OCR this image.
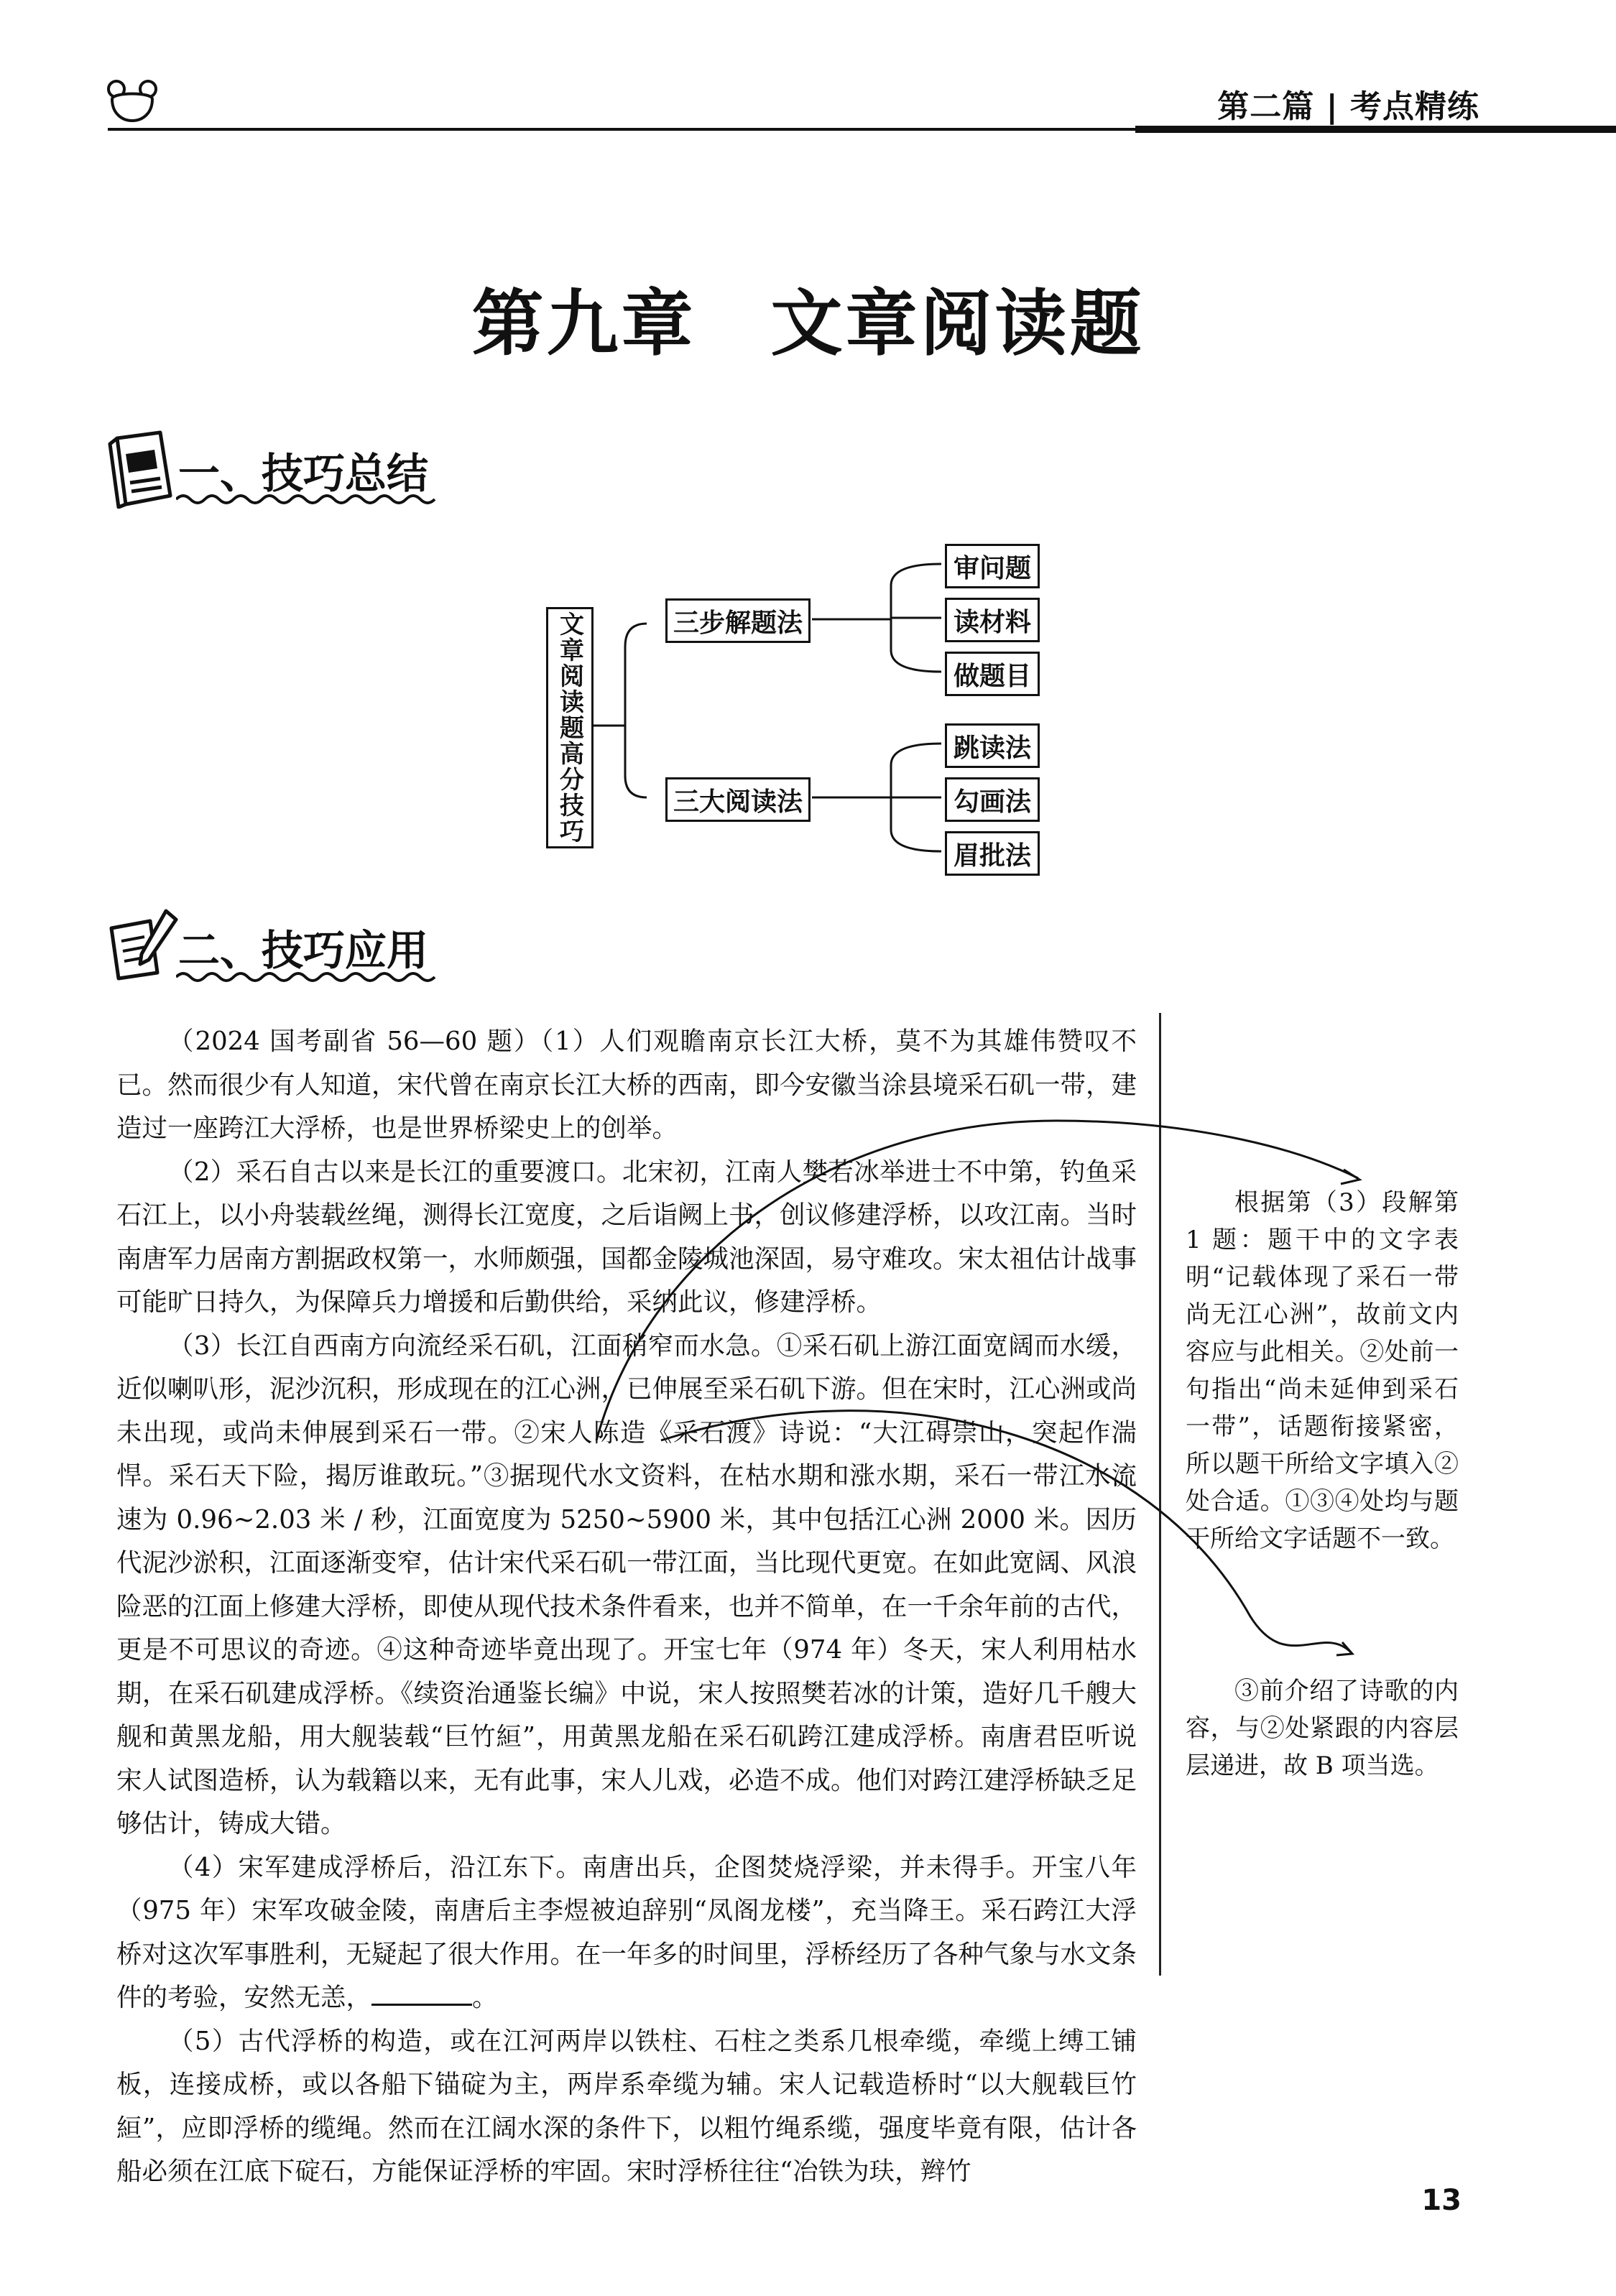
第二篇 | 考点精练
第九章　文章阅读题
一、技巧总结
文章阅读题高分技巧	三步解题法
三大阅读法
审问题
读材料
做题目
跳读法
勾画法
眉批法
二、技巧应用

（2024 国考副省 56—60 题）（1）人们观瞻南京长江大桥，莫不为其雄伟赞叹不已。然而很少有人知道，宋代曾在南京长江大桥的西南，即今安徽当涂县境采石矶一带，建造过一座跨江大浮桥，也是世界桥梁史上的创举。

（2）采石自古以来是长江的重要渡口。北宋初，江南人樊若冰举进士不中第，钓鱼采石江上，以小舟装载丝绳，测得长江宽度，之后诣阙上书，创议修建浮桥，以攻江南。当时南唐军力居南方割据政权第一，水师颇强，国都金陵城池深固，易守难攻。宋太祖估计战事可能旷日持久，为保障兵力增援和后勤供给，采纳此议，修建浮桥。

（3）长江自西南方向流经采石矶，江面稍窄而水急。①采石矶上游江面宽阔而水缓，近似喇叭形，泥沙沉积，形成现在的江心洲，已伸展至采石矶下游。但在宋时，江心洲或尚未出现，或尚未伸展到采石一带。②宋人陈造《采石渡》诗说：“大江碍崇山，突起作湍悍。采石天下险，揭厉谁敢玩。”③据现代水文资料，在枯水期和涨水期，采石一带江水流速为 0.96~2.03 米 / 秒，江面宽度为 5250~5900 米，其中包括江心洲 2000 米。因历代泥沙淤积，江面逐渐变窄，估计宋代采石矶一带江面，当比现代更宽。在如此宽阔、风浪险恶的江面上修建大浮桥，即使从现代技术条件看来，也并不简单，在一千余年前的古代，更是不可思议的奇迹。④这种奇迹毕竟出现了。开宝七年（974 年）冬天，宋人利用枯水期，在采石矶建成浮桥。《续资治通鉴长编》中说，宋人按照樊若冰的计策，造好几千艘大舰和黄黑龙船，用大舰装载“巨竹絙”，用黄黑龙船在采石矶跨江建成浮桥。南唐君臣听说宋人试图造桥，认为载籍以来，无有此事，宋人儿戏，必造不成。他们对跨江建浮桥缺乏足够估计，铸成大错。

（4）宋军建成浮桥后，沿江东下。南唐出兵，企图焚烧浮梁，并未得手。开宝八年（975 年）宋军攻破金陵，南唐后主李煜被迫辞别“凤阁龙楼”，充当降王。采石跨江大浮桥对这次军事胜利，无疑起了很大作用。在一年多的时间里，浮桥经历了各种气象与水文条件的考验，安然无恙，	。

（5）古代浮桥的构造，或在江河两岸以铁柱、石柱之类系几根牵缆，牵缆上缚工铺板，连接成桥，或以各船下锚碇为主，两岸系牵缆为辅。宋人记载造桥时“以大舰载巨竹絙”，应即浮桥的缆绳。然而在江阔水深的条件下，以粗竹绳系缆，强度毕竟有限，估计各船必须在江底下碇石，方能保证浮桥的牢固。宋时浮桥往往“冶铁为玞，辫竹

根据第（3）段解第 1 题：题干中的文字表明“记载体现了采石一带尚无江心洲”，故前文内容应与此相关。②处前一句指出“尚未延伸到采石一带”，话题衔接紧密，所以题干所给文字填入②处合适。①③④处均与题干所给文字话题不一致。

③前介绍了诗歌的内容，与②处紧跟的内容层层递进，故 B 项当选。

13
